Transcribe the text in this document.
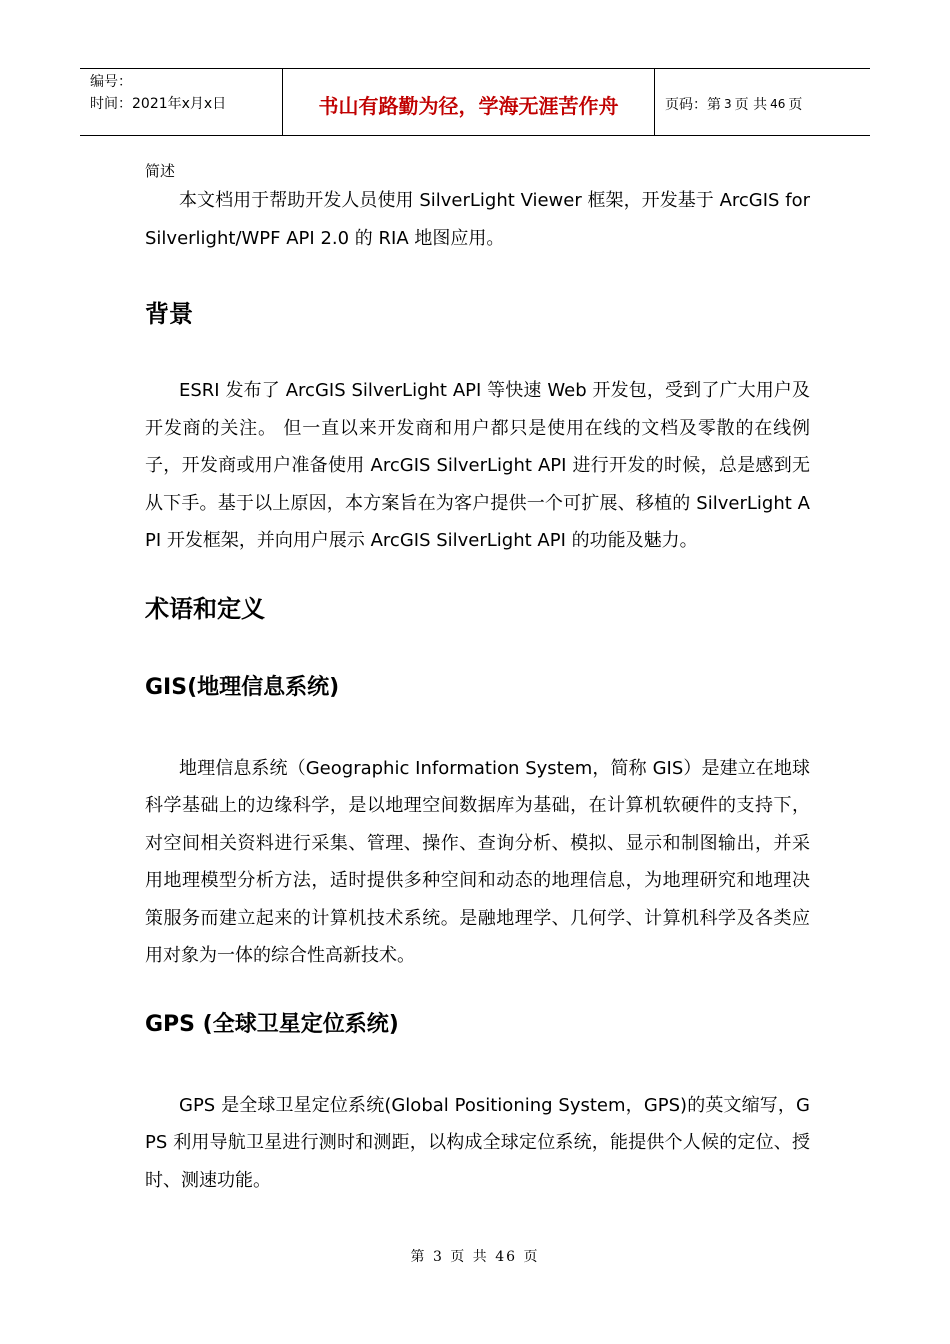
编号：
时间：2021年x月x日	书山有路勤为径，学海无涯苦作舟	页码：第 3 页 共 46 页
简述

本文档用于帮助开发人员使用 SilverLight Viewer 框架，开发基于 ArcGIS for Silverlight/WPF API 2.0 的 RIA 地图应用。

背景

ESRI 发布了 ArcGIS SilverLight API 等快速 Web 开发包，受到了广大用户及开发商的关注。 但一直以来开发商和用户都只是使用在线的文档及零散的在线例子，开发商或用户准备使用 ArcGIS SilverLight API 进行开发的时候，总是感到无从下手。基于以上原因，本方案旨在为客户提供一个可扩展、移植的 SilverLight API 开发框架，并向用户展示 ArcGIS SilverLight API 的功能及魅力。

术语和定义
GIS(地理信息系统)

地理信息系统（Geographic Information System，简称 GIS）是建立在地球科学基础上的边缘科学，是以地理空间数据库为基础，在计算机软硬件的支持下，对空间相关资料进行采集、管理、操作、查询分析、模拟、显示和制图输出，并采用地理模型分析方法，适时提供多种空间和动态的地理信息，为地理研究和地理决策服务而建立起来的计算机技术系统。是融地理学、几何学、计算机科学及各类应用对象为一体的综合性高新技术。

GPS (全球卫星定位系统)

GPS 是全球卫星定位系统(Global Positioning System，GPS)的英文缩写，GPS 利用导航卫星进行测时和测距，以构成全球定位系统，能提供个人候的定位、授时、测速功能。

第 3 页 共 46 页
